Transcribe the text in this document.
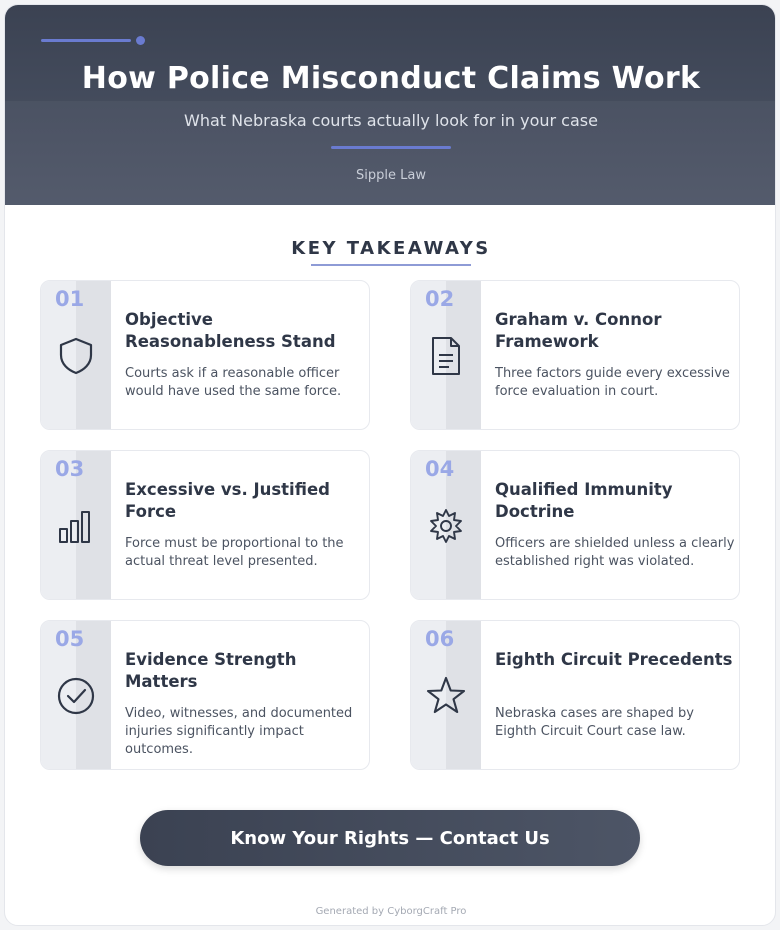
How Police Misconduct Claims Work
What Nebraska courts actually look for in your case
Sipple Law
KEY TAKEAWAYS
01
Objective Reasonableness Stand
Courts ask if a reasonable officer would have used the same force.
02
Graham v. Connor Framework
Three factors guide every excessive force evaluation in court.
03
Excessive vs. Justified Force
Force must be proportional to the actual threat level presented.
04
Qualified Immunity Doctrine
Officers are shielded unless a clearly established right was violated.
05
Evidence Strength Matters
Video, witnesses, and documented injuries significantly impact outcomes.
06
Eighth Circuit Precedents
Nebraska cases are shaped by Eighth Circuit Court case law.
Know Your Rights — Contact Us
Generated by CyborgCraft Pro
